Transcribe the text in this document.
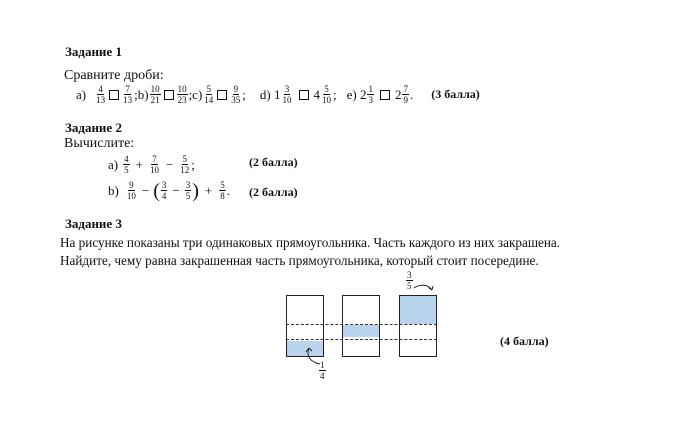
Задание 1
Сравните дроби:
$а) \frac{4}{13} \frac{7}{13}$ ;b) $\frac{10}{21} \frac{10}{23}$ ;c) $\frac{5}{14} \frac{9}{35}$ ; d) $1 \frac{3}{10} 4 \frac{5}{10}$ ; е) $2 \frac{1}{3} 2 \frac{7}{9}$ . (3 балла)
Задание 2
Вычислите:
$а) \frac{4}{5} + \frac{7}{10} - \frac{5}{12}$ ;	(2 балла)
$b) \frac{9}{10}$ − ( $\frac{3}{4} - \frac{3}{5}$ ) + $\frac{5}{8}$ . (2 балла)
Задание 3
На рисунке показаны три одинаковых прямоугольника. Часть каждого из них закрашена.
Найдите, чему равна закрашенная часть прямоугольника, который стоит посередине.
$\frac{1}{4}$
$\frac{3}{5}$
(4 балла)
